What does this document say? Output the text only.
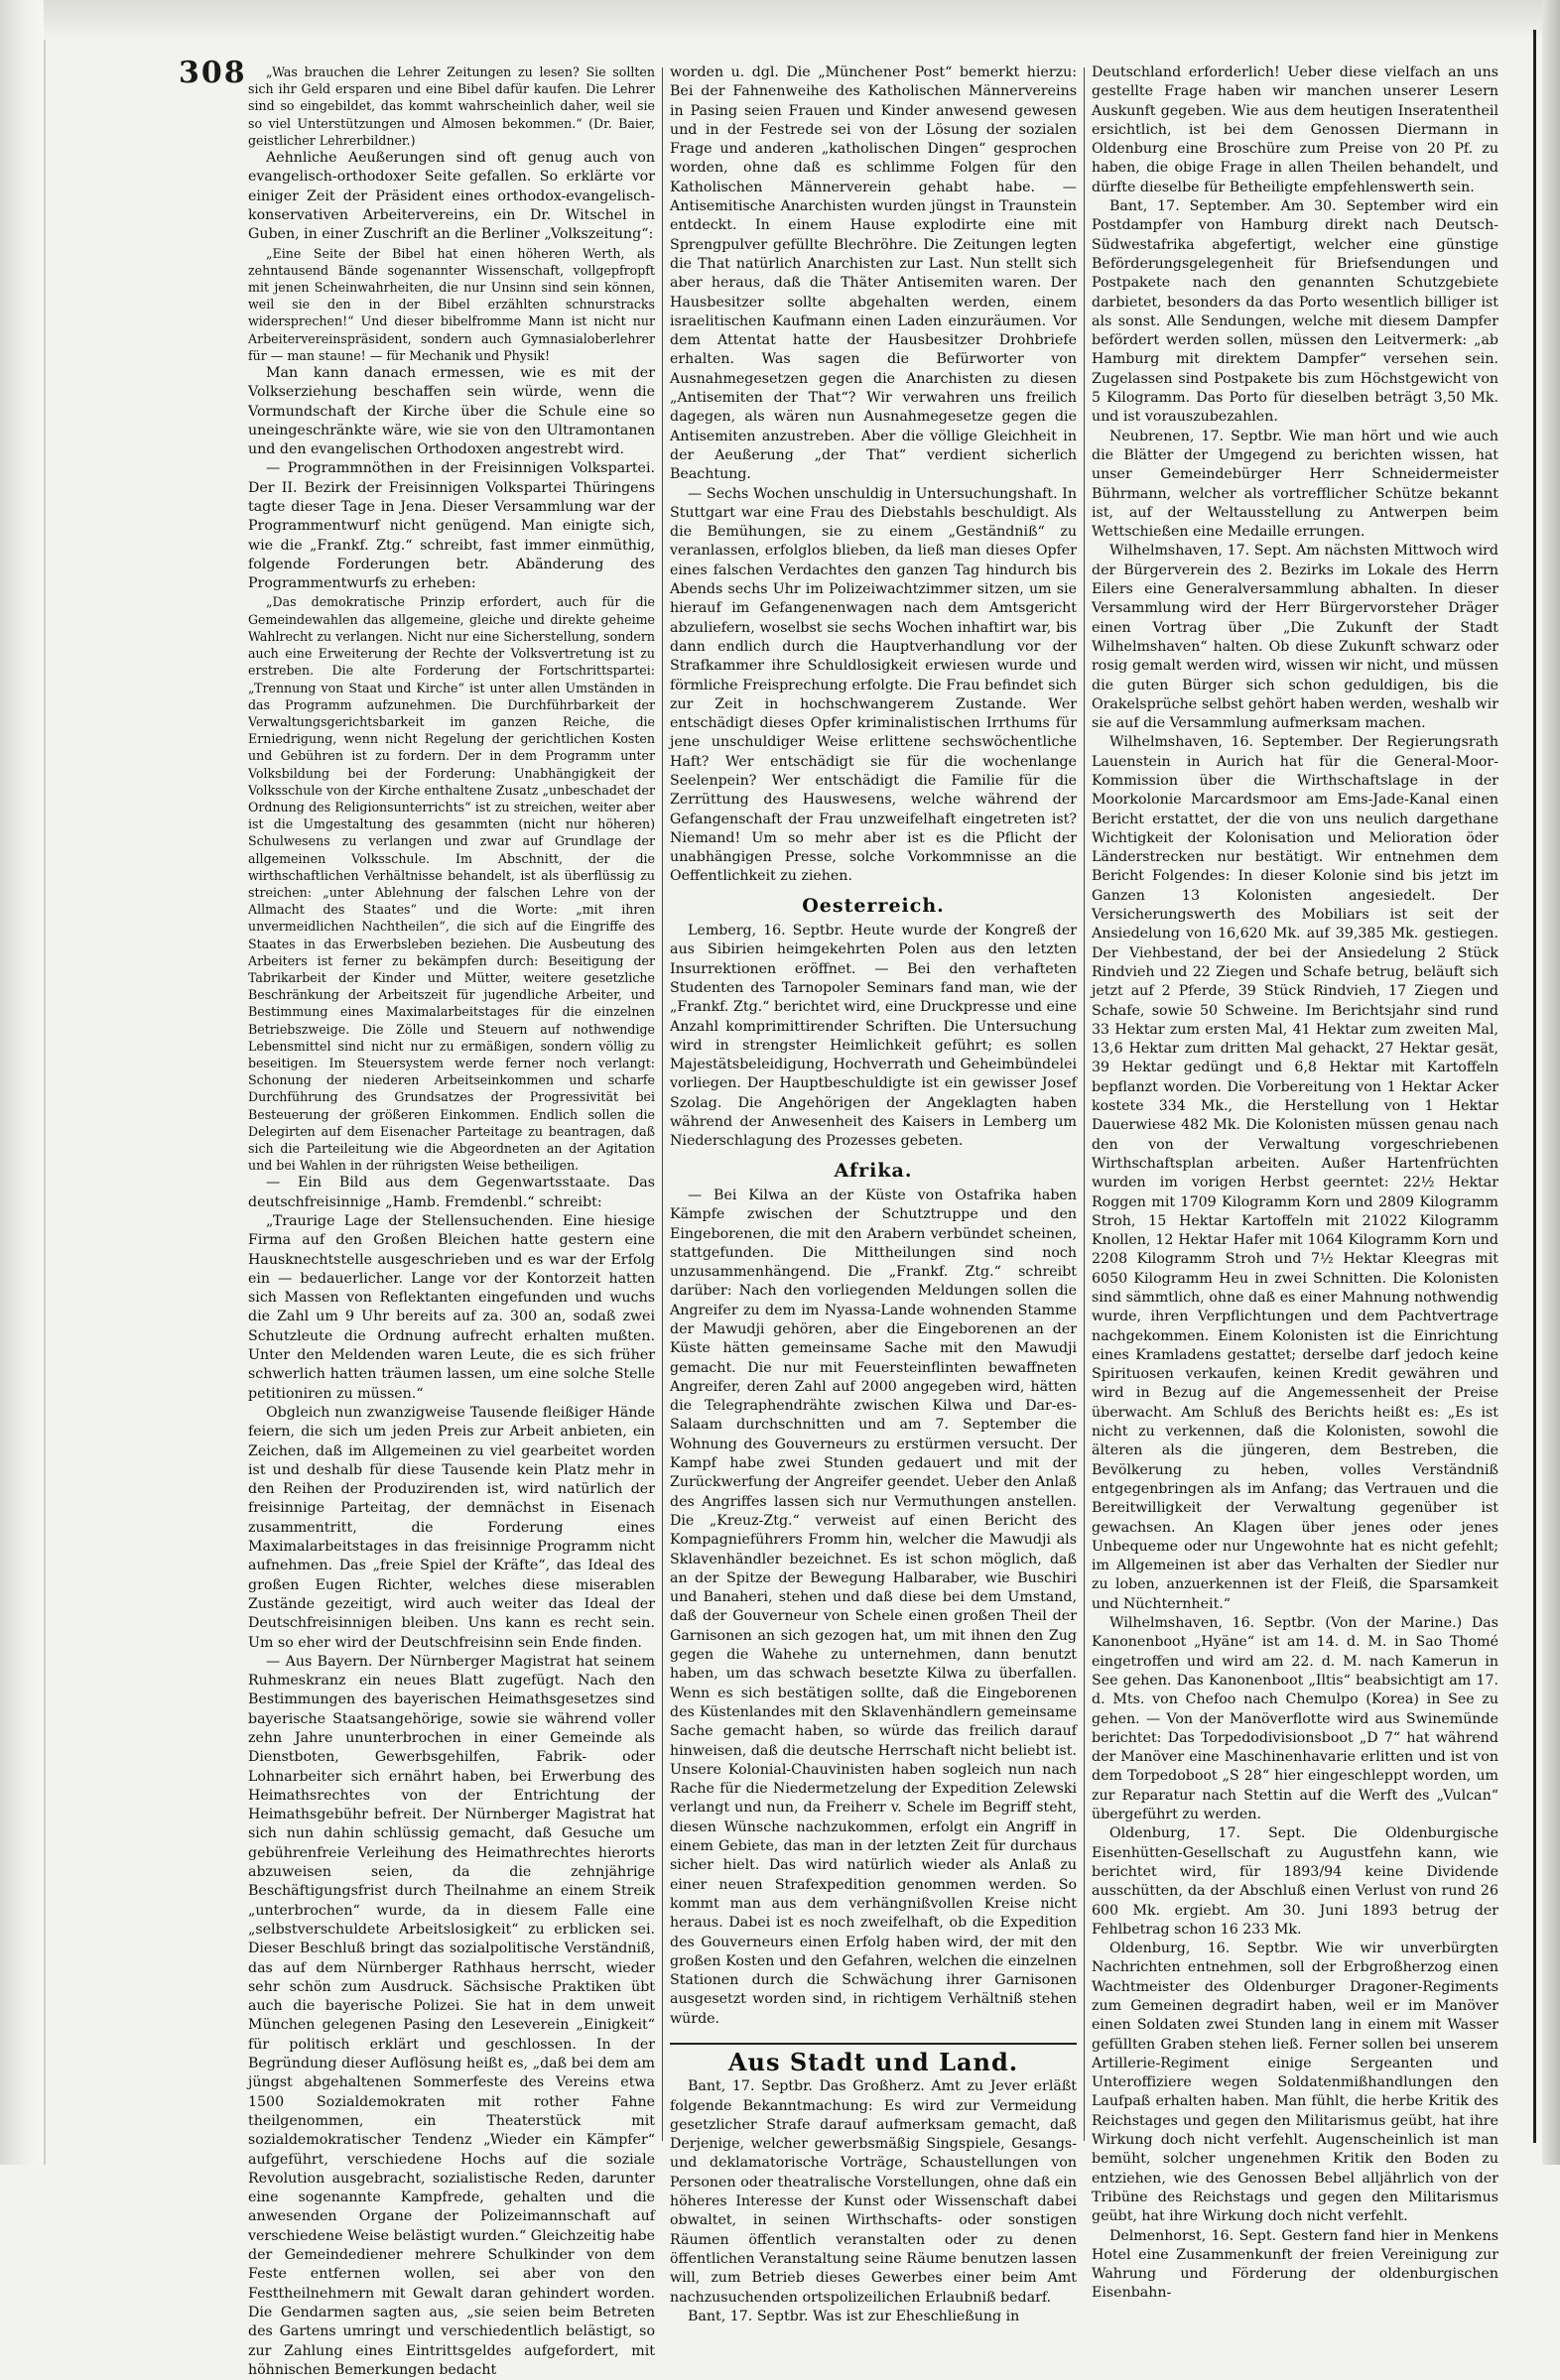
308	„Was brauchen die Lehrer Zeitungen zu lesen? Sie sollten sich ihr Geld ersparen und eine Bibel dafür kaufen. Die Lehrer sind so eingebildet, das kommt wahrscheinlich daher, weil sie so viel Unterstützungen und Almosen bekommen.“ (Dr. Baier, geistlicher Lehrerbildner.)

Aehnliche Aeußerungen sind oft genug auch von evangelisch-orthodoxer Seite gefallen. So erklärte vor einiger Zeit der Präsident eines orthodox-evangelisch-konservativen Arbeitervereins, ein Dr. Witschel in Guben, in einer Zuschrift an die Berliner „Volkszeitung“:

„Eine Seite der Bibel hat einen höheren Werth, als zehntausend Bände sogenannter Wissenschaft, vollgepfropft mit jenen Scheinwahrheiten, die nur Unsinn sind sein können, weil sie den in der Bibel erzählten schnurstracks widersprechen!“ Und dieser bibelfromme Mann ist nicht nur Arbeitervereinspräsident, sondern auch Gymnasialoberlehrer für — man staune! — für Mechanik und Physik!

Man kann danach ermessen, wie es mit der Volkserziehung beschaffen sein würde, wenn die Vormundschaft der Kirche über die Schule eine so uneingeschränkte wäre, wie sie von den Ultramontanen und den evangelischen Orthodoxen angestrebt wird.

— Programmnöthen in der Freisinnigen Volkspartei. Der II. Bezirk der Freisinnigen Volkspartei Thüringens tagte dieser Tage in Jena. Dieser Versammlung war der Programmentwurf nicht genügend. Man einigte sich, wie die „Frankf. Ztg.“ schreibt, fast immer einmüthig, folgende Forderungen betr. Abänderung des Programmentwurfs zu erheben:

„Das demokratische Prinzip erfordert, auch für die Gemeindewahlen das allgemeine, gleiche und direkte geheime Wahlrecht zu verlangen. Nicht nur eine Sicherstellung, sondern auch eine Erweiterung der Rechte der Volksvertretung ist zu erstreben. Die alte Forderung der Fortschrittspartei: „Trennung von Staat und Kirche“ ist unter allen Umständen in das Programm aufzunehmen. Die Durchführbarkeit der Verwaltungsgerichtsbarkeit im ganzen Reiche, die Erniedrigung, wenn nicht Regelung der gerichtlichen Kosten und Gebühren ist zu fordern. Der in dem Programm unter Volksbildung bei der Forderung: Unabhängigkeit der Volksschule von der Kirche enthaltene Zusatz „unbeschadet der Ordnung des Religionsunterrichts“ ist zu streichen, weiter aber ist die Umgestaltung des gesammten (nicht nur höheren) Schulwesens zu verlangen und zwar auf Grundlage der allgemeinen Volksschule. Im Abschnitt, der die wirthschaftlichen Verhältnisse behandelt, ist als überflüssig zu streichen: „unter Ablehnung der falschen Lehre von der Allmacht des Staates“ und die Worte: „mit ihren unvermeidlichen Nachtheilen“, die sich auf die Eingriffe des Staates in das Erwerbsleben beziehen. Die Ausbeutung des Arbeiters ist ferner zu bekämpfen durch: Beseitigung der Tabrikarbeit der Kinder und Mütter, weitere gesetzliche Beschränkung der Arbeitszeit für jugendliche Arbeiter, und Bestimmung eines Maximalarbeitstages für die einzelnen Betriebszweige. Die Zölle und Steuern auf nothwendige Lebensmittel sind nicht nur zu ermäßigen, sondern völlig zu beseitigen. Im Steuersystem werde ferner noch verlangt: Schonung der niederen Arbeitseinkommen und scharfe Durchführung des Grundsatzes der Progressivität bei Besteuerung der größeren Einkommen. Endlich sollen die Delegirten auf dem Eisenacher Parteitage zu beantragen, daß sich die Parteileitung wie die Abgeordneten an der Agitation und bei Wahlen in der rührigsten Weise betheiligen.

— Ein Bild aus dem Gegenwartsstaate. Das deutschfreisinnige „Hamb. Fremdenbl.“ schreibt:

„Traurige Lage der Stellensuchenden. Eine hiesige Firma auf den Großen Bleichen hatte gestern eine Hausknechtstelle ausgeschrieben und es war der Erfolg ein — bedauerlicher. Lange vor der Kontorzeit hatten sich Massen von Reflektanten eingefunden und wuchs die Zahl um 9 Uhr bereits auf za. 300 an, sodaß zwei Schutzleute die Ordnung aufrecht erhalten mußten. Unter den Meldenden waren Leute, die es sich früher schwerlich hatten träumen lassen, um eine solche Stelle petitioniren zu müssen.“

Obgleich nun zwanzigweise Tausende fleißiger Hände feiern, die sich um jeden Preis zur Arbeit anbieten, ein Zeichen, daß im Allgemeinen zu viel gearbeitet worden ist und deshalb für diese Tausende kein Platz mehr in den Reihen der Produzirenden ist, wird natürlich der freisinnige Parteitag, der demnächst in Eisenach zusammentritt, die Forderung eines Maximalarbeitstages in das freisinnige Programm nicht aufnehmen. Das „freie Spiel der Kräfte“, das Ideal des großen Eugen Richter, welches diese miserablen Zustände gezeitigt, wird auch weiter das Ideal der Deutschfreisinnigen bleiben. Uns kann es recht sein. Um so eher wird der Deutschfreisinn sein Ende finden.

— Aus Bayern. Der Nürnberger Magistrat hat seinem Ruhmeskranz ein neues Blatt zugefügt. Nach den Bestimmungen des bayerischen Heimathsgesetzes sind bayerische Staatsangehörige, sowie sie während voller zehn Jahre ununterbrochen in einer Gemeinde als Dienstboten, Gewerbsgehilfen, Fabrik- oder Lohnarbeiter sich ernährt haben, bei Erwerbung des Heimathsrechtes von der Entrichtung der Heimathsgebühr befreit. Der Nürnberger Magistrat hat sich nun dahin schlüssig gemacht, daß Gesuche um gebührenfreie Verleihung des Heimathrechtes hierorts abzuweisen seien, da die zehnjährige Beschäftigungsfrist durch Theilnahme an einem Streik „unterbrochen“ wurde, da in diesem Falle eine „selbstverschuldete Arbeitslosigkeit“ zu erblicken sei. Dieser Beschluß bringt das sozialpolitische Verständniß, das auf dem Nürnberger Rathhaus herrscht, wieder sehr schön zum Ausdruck. Sächsische Praktiken übt auch die bayerische Polizei. Sie hat in dem unweit München gelegenen Pasing den Leseverein „Einigkeit“ für politisch erklärt und geschlossen. In der Begründung dieser Auflösung heißt es, „daß bei dem am jüngst abgehaltenen Sommerfeste des Vereins etwa 1500 Sozialdemokraten mit rother Fahne theilgenommen, ein Theaterstück mit sozialdemokratischer Tendenz „Wieder ein Kämpfer“ aufgeführt, verschiedene Hochs auf die soziale Revolution ausgebracht, sozialistische Reden, darunter eine sogenannte Kampfrede, gehalten und die anwesenden Organe der Polizeimannschaft auf verschiedene Weise belästigt wurden.“ Gleichzeitig habe der Gemeindediener mehrere Schulkinder von dem Feste entfernen wollen, sei aber von den Festtheilnehmern mit Gewalt daran gehindert worden. Die Gendarmen sagten aus, „sie seien beim Betreten des Gartens umringt und verschiedentlich belästigt, so zur Zahlung eines Eintrittsgeldes aufgefordert, mit höhnischen Bemerkungen bedacht

worden u. dgl. Die „Münchener Post“ bemerkt hierzu: Bei der Fahnenweihe des Katholischen Männervereins in Pasing seien Frauen und Kinder anwesend gewesen und in der Festrede sei von der Lösung der sozialen Frage und anderen „katholischen Dingen“ gesprochen worden, ohne daß es schlimme Folgen für den Katholischen Männerverein gehabt habe. — Antisemitische Anarchisten wurden jüngst in Traunstein entdeckt. In einem Hause explodirte eine mit Sprengpulver gefüllte Blechröhre. Die Zeitungen legten die That natürlich Anarchisten zur Last. Nun stellt sich aber heraus, daß die Thäter Antisemiten waren. Der Hausbesitzer sollte abgehalten werden, einem israelitischen Kaufmann einen Laden einzuräumen. Vor dem Attentat hatte der Hausbesitzer Drohbriefe erhalten. Was sagen die Befürworter von Ausnahmegesetzen gegen die Anarchisten zu diesen „Antisemiten der That“? Wir verwahren uns freilich dagegen, als wären nun Ausnahmegesetze gegen die Antisemiten anzustreben. Aber die völlige Gleichheit in der Aeußerung „der That“ verdient sicherlich Beachtung.

— Sechs Wochen unschuldig in Untersuchungshaft. In Stuttgart war eine Frau des Diebstahls beschuldigt. Als die Bemühungen, sie zu einem „Geständniß“ zu veranlassen, erfolglos blieben, da ließ man dieses Opfer eines falschen Verdachtes den ganzen Tag hindurch bis Abends sechs Uhr im Polizeiwachtzimmer sitzen, um sie hierauf im Gefangenenwagen nach dem Amtsgericht abzuliefern, woselbst sie sechs Wochen inhaftirt war, bis dann endlich durch die Hauptverhandlung vor der Strafkammer ihre Schuldlosigkeit erwiesen wurde und förmliche Freisprechung erfolgte. Die Frau befindet sich zur Zeit in hochschwangerem Zustande. Wer entschädigt dieses Opfer kriminalistischen Irrthums für jene unschuldiger Weise erlittene sechswöchentliche Haft? Wer entschädigt sie für die wochenlange Seelenpein? Wer entschädigt die Familie für die Zerrüttung des Hauswesens, welche während der Gefangenschaft der Frau unzweifelhaft eingetreten ist? Niemand! Um so mehr aber ist es die Pflicht der unabhängigen Presse, solche Vorkommnisse an die Oeffentlichkeit zu ziehen.

Oesterreich.

Lemberg, 16. Septbr. Heute wurde der Kongreß der aus Sibirien heimgekehrten Polen aus den letzten Insurrektionen eröffnet. — Bei den verhafteten Studenten des Tarnopoler Seminars fand man, wie der „Frankf. Ztg.“ berichtet wird, eine Druckpresse und eine Anzahl komprimittirender Schriften. Die Untersuchung wird in strengster Heimlichkeit geführt; es sollen Majestätsbeleidigung, Hochverrath und Geheimbündelei vorliegen. Der Hauptbeschuldigte ist ein gewisser Josef Szolag. Die Angehörigen der Angeklagten haben während der Anwesenheit des Kaisers in Lemberg um Niederschlagung des Prozesses gebeten.

Afrika.

— Bei Kilwa an der Küste von Ostafrika haben Kämpfe zwischen der Schutztruppe und den Eingeborenen, die mit den Arabern verbündet scheinen, stattgefunden. Die Mittheilungen sind noch unzusammenhängend. Die „Frankf. Ztg.“ schreibt darüber: Nach den vorliegenden Meldungen sollen die Angreifer zu dem im Nyassa-Lande wohnenden Stamme der Mawudji gehören, aber die Eingeborenen an der Küste hätten gemeinsame Sache mit den Mawudji gemacht. Die nur mit Feuersteinflinten bewaffneten Angreifer, deren Zahl auf 2000 angegeben wird, hätten die Telegraphendrähte zwischen Kilwa und Dar-es-Salaam durchschnitten und am 7. September die Wohnung des Gouverneurs zu erstürmen versucht. Der Kampf habe zwei Stunden gedauert und mit der Zurückwerfung der Angreifer geendet. Ueber den Anlaß des Angriffes lassen sich nur Vermuthungen anstellen. Die „Kreuz-Ztg.“ verweist auf einen Bericht des Kompagnieführers Fromm hin, welcher die Mawudji als Sklavenhändler bezeichnet. Es ist schon möglich, daß an der Spitze der Bewegung Halbaraber, wie Buschiri und Banaheri, stehen und daß diese bei dem Umstand, daß der Gouverneur von Schele einen großen Theil der Garnisonen an sich gezogen hat, um mit ihnen den Zug gegen die Wahehe zu unternehmen, dann benutzt haben, um das schwach besetzte Kilwa zu überfallen. Wenn es sich bestätigen sollte, daß die Eingeborenen des Küstenlandes mit den Sklavenhändlern gemeinsame Sache gemacht haben, so würde das freilich darauf hinweisen, daß die deutsche Herrschaft nicht beliebt ist. Unsere Kolonial-Chauvinisten haben sogleich nun nach Rache für die Niedermetzelung der Expedition Zelewski verlangt und nun, da Freiherr v. Schele im Begriff steht, diesen Wünsche nachzukommen, erfolgt ein Angriff in einem Gebiete, das man in der letzten Zeit für durchaus sicher hielt. Das wird natürlich wieder als Anlaß zu einer neuen Strafexpedition genommen werden. So kommt man aus dem verhängnißvollen Kreise nicht heraus. Dabei ist es noch zweifelhaft, ob die Expedition des Gouverneurs einen Erfolg haben wird, der mit den großen Kosten und den Gefahren, welchen die einzelnen Stationen durch die Schwächung ihrer Garnisonen ausgesetzt worden sind, in richtigem Verhältniß stehen würde.

Aus Stadt und Land.

Bant, 17. Septbr. Das Großherz. Amt zu Jever erläßt folgende Bekanntmachung: Es wird zur Vermeidung gesetzlicher Strafe darauf aufmerksam gemacht, daß Derjenige, welcher gewerbsmäßig Singspiele, Gesangs- und deklamatorische Vorträge, Schaustellungen von Personen oder theatralische Vorstellungen, ohne daß ein höheres Interesse der Kunst oder Wissenschaft dabei obwaltet, in seinen Wirthschafts- oder sonstigen Räumen öffentlich veranstalten oder zu denen öffentlichen Veranstaltung seine Räume benutzen lassen will, zum Betrieb dieses Gewerbes einer beim Amt nachzusuchenden ortspolizeilichen Erlaubniß bedarf.

Bant, 17. Septbr. Was ist zur Eheschließung in

Deutschland erforderlich! Ueber diese vielfach an uns gestellte Frage haben wir manchen unserer Lesern Auskunft gegeben. Wie aus dem heutigen Inseratentheil ersichtlich, ist bei dem Genossen Diermann in Oldenburg eine Broschüre zum Preise von 20 Pf. zu haben, die obige Frage in allen Theilen behandelt, und dürfte dieselbe für Betheiligte empfehlenswerth sein.

Bant, 17. September. Am 30. September wird ein Postdampfer von Hamburg direkt nach Deutsch-Südwestafrika abgefertigt, welcher eine günstige Beförderungsgelegenheit für Briefsendungen und Postpakete nach den genannten Schutzgebiete darbietet, besonders da das Porto wesentlich billiger ist als sonst. Alle Sendungen, welche mit diesem Dampfer befördert werden sollen, müssen den Leitvermerk: „ab Hamburg mit direktem Dampfer“ versehen sein. Zugelassen sind Postpakete bis zum Höchstgewicht von 5 Kilogramm. Das Porto für dieselben beträgt 3,50 Mk. und ist vorauszubezahlen.

Neubrenen, 17. Septbr. Wie man hört und wie auch die Blätter der Umgegend zu berichten wissen, hat unser Gemeindebürger Herr Schneidermeister Bührmann, welcher als vortrefflicher Schütze bekannt ist, auf der Weltausstellung zu Antwerpen beim Wettschießen eine Medaille errungen.

Wilhelmshaven, 17. Sept. Am nächsten Mittwoch wird der Bürgerverein des 2. Bezirks im Lokale des Herrn Eilers eine Generalversammlung abhalten. In dieser Versammlung wird der Herr Bürgervorsteher Dräger einen Vortrag über „Die Zukunft der Stadt Wilhelmshaven“ halten. Ob diese Zukunft schwarz oder rosig gemalt werden wird, wissen wir nicht, und müssen die guten Bürger sich schon geduldigen, bis die Orakelsprüche selbst gehört haben werden, weshalb wir sie auf die Versammlung aufmerksam machen.

Wilhelmshaven, 16. September. Der Regierungsrath Lauenstein in Aurich hat für die General-Moor-Kommission über die Wirthschaftslage in der Moorkolonie Marcardsmoor am Ems-Jade-Kanal einen Bericht erstattet, der die von uns neulich dargethane Wichtigkeit der Kolonisation und Melioration öder Länderstrecken nur bestätigt. Wir entnehmen dem Bericht Folgendes: In dieser Kolonie sind bis jetzt im Ganzen 13 Kolonisten angesiedelt. Der Versicherungswerth des Mobiliars ist seit der Ansiedelung von 16,620 Mk. auf 39,385 Mk. gestiegen. Der Viehbestand, der bei der Ansiedelung 2 Stück Rindvieh und 22 Ziegen und Schafe betrug, beläuft sich jetzt auf 2 Pferde, 39 Stück Rindvieh, 17 Ziegen und Schafe, sowie 50 Schweine. Im Berichtsjahr sind rund 33 Hektar zum ersten Mal, 41 Hektar zum zweiten Mal, 13,6 Hektar zum dritten Mal gehackt, 27 Hektar gesät, 39 Hektar gedüngt und 6,8 Hektar mit Kartoffeln bepflanzt worden. Die Vorbereitung von 1 Hektar Acker kostete 334 Mk., die Herstellung von 1 Hektar Dauerwiese 482 Mk. Die Kolonisten müssen genau nach den von der Verwaltung vorgeschriebenen Wirthschaftsplan arbeiten. Außer Hartenfrüchten wurden im vorigen Herbst geerntet: 22½ Hektar Roggen mit 1709 Kilogramm Korn und 2809 Kilogramm Stroh, 15 Hektar Kartoffeln mit 21022 Kilogramm Knollen, 12 Hektar Hafer mit 1064 Kilogramm Korn und 2208 Kilogramm Stroh und 7½ Hektar Kleegras mit 6050 Kilogramm Heu in zwei Schnitten. Die Kolonisten sind sämmtlich, ohne daß es einer Mahnung nothwendig wurde, ihren Verpflichtungen und dem Pachtvertrage nachgekommen. Einem Kolonisten ist die Einrichtung eines Kramladens gestattet; derselbe darf jedoch keine Spirituosen verkaufen, keinen Kredit gewähren und wird in Bezug auf die Angemessenheit der Preise überwacht. Am Schluß des Berichts heißt es: „Es ist nicht zu verkennen, daß die Kolonisten, sowohl die älteren als die jüngeren, dem Bestreben, die Bevölkerung zu heben, volles Verständniß entgegenbringen als im Anfang; das Vertrauen und die Bereitwilligkeit der Verwaltung gegenüber ist gewachsen. An Klagen über jenes oder jenes Unbequeme oder nur Ungewohnte hat es nicht gefehlt; im Allgemeinen ist aber das Verhalten der Siedler nur zu loben, anzuerkennen ist der Fleiß, die Sparsamkeit und Nüchternheit.“

Wilhelmshaven, 16. Septbr. (Von der Marine.) Das Kanonenboot „Hyäne“ ist am 14. d. M. in Sao Thomé eingetroffen und wird am 22. d. M. nach Kamerun in See gehen. Das Kanonenboot „Iltis“ beabsichtigt am 17. d. Mts. von Chefoo nach Chemulpo (Korea) in See zu gehen. — Von der Manöverflotte wird aus Swinemünde berichtet: Das Torpedodivisionsboot „D 7“ hat während der Manöver eine Maschinenhavarie erlitten und ist von dem Torpedoboot „S 28“ hier eingeschleppt worden, um zur Reparatur nach Stettin auf die Werft des „Vulcan“ übergeführt zu werden.

Oldenburg, 17. Sept. Die Oldenburgische Eisenhütten-Gesellschaft zu Augustfehn kann, wie berichtet wird, für 1893/94 keine Dividende ausschütten, da der Abschluß einen Verlust von rund 26 600 Mk. ergiebt. Am 30. Juni 1893 betrug der Fehlbetrag schon 16 233 Mk.

Oldenburg, 16. Septbr. Wie wir unverbürgten Nachrichten entnehmen, soll der Erbgroßherzog einen Wachtmeister des Oldenburger Dragoner-Regiments zum Gemeinen degradirt haben, weil er im Manöver einen Soldaten zwei Stunden lang in einem mit Wasser gefüllten Graben stehen ließ. Ferner sollen bei unserem Artillerie-Regiment einige Sergeanten und Unteroffiziere wegen Soldatenmißhandlungen den Laufpaß erhalten haben. Man fühlt, die herbe Kritik des Reichstages und gegen den Militarismus geübt, hat ihre Wirkung doch nicht verfehlt. Augenscheinlich ist man bemüht, solcher ungenehmen Kritik den Boden zu entziehen, wie des Genossen Bebel alljährlich von der Tribüne des Reichstags und gegen den Militarismus geübt, hat ihre Wirkung doch nicht verfehlt.

Delmenhorst, 16. Sept. Gestern fand hier in Menkens Hotel eine Zusammenkunft der freien Vereinigung zur Wahrung und Förderung der oldenburgischen Eisenbahn-
